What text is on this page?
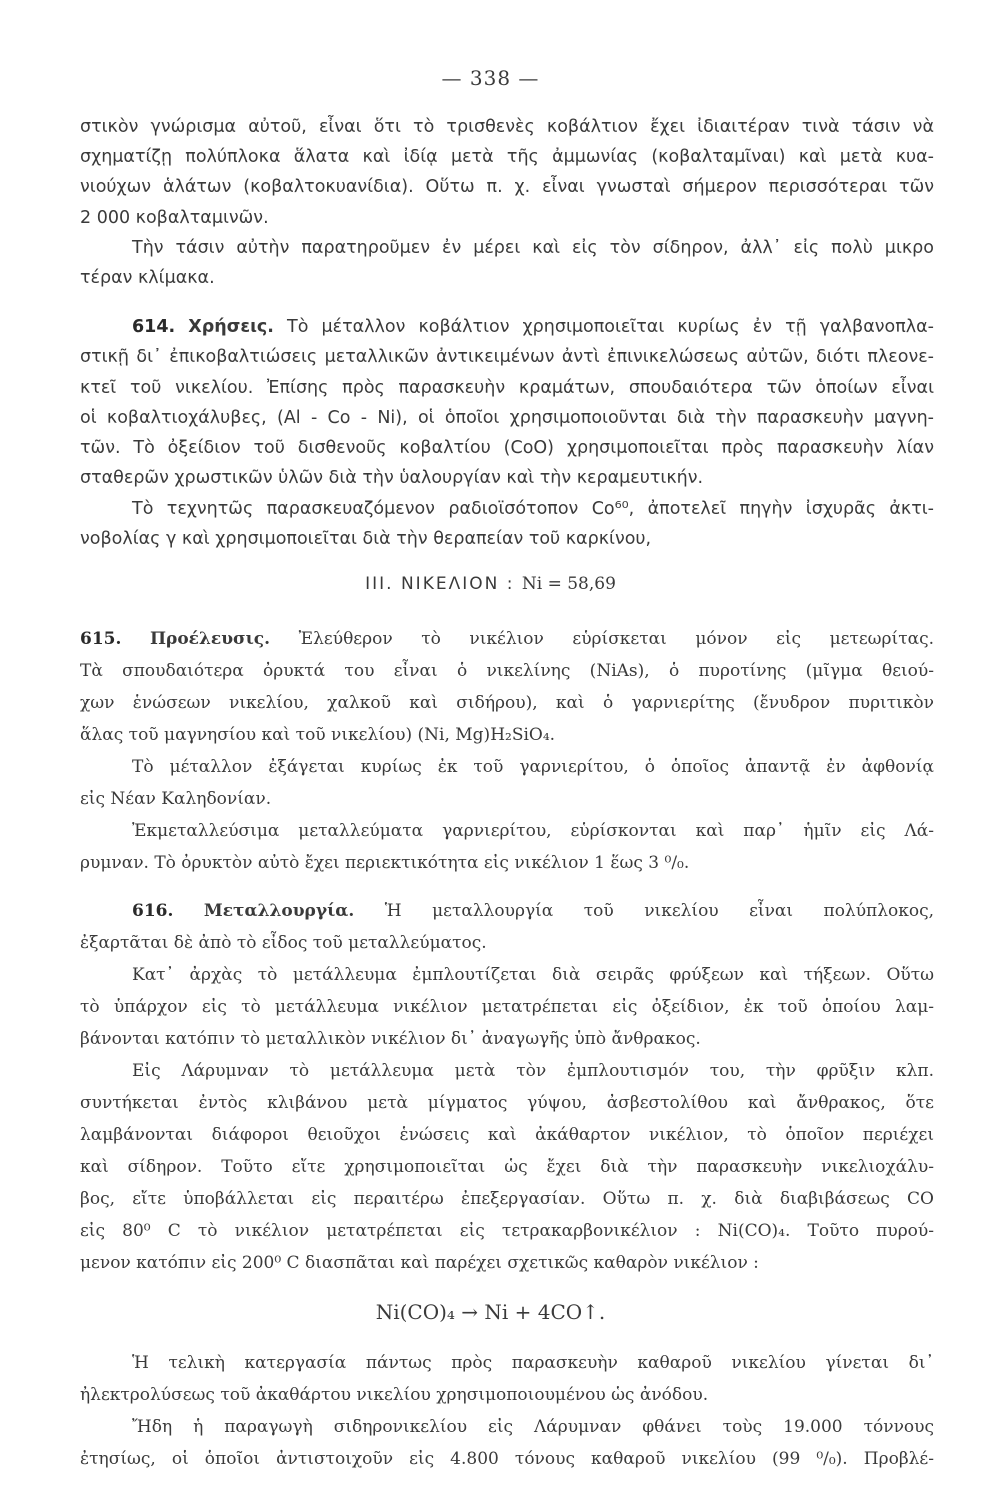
— 338 —
στικὸν γνώρισμα αὐτοῦ, εἶναι ὅτι τὸ τρισθενὲς κοβάλτιον ἔχει ἰδιαιτέραν τινὰ τάσιν νὰ
σχηματίζῃ πολύπλοκα ἅλατα καὶ ἰδίᾳ μετὰ τῆς ἀμμωνίας (κοβαλταμῖναι) καὶ μετὰ κυα-
νιούχων ἁλάτων (κοβαλτοκυανίδια). Οὕτω π. χ. εἶναι γνωσταὶ σήμερον περισσότεραι τῶν
2 000 κοβαλταμινῶν.
Τὴν τάσιν αὐτὴν παρατηροῦμεν ἐν μέρει καὶ εἰς τὸν σίδηρον, ἀλλ᾽ εἰς πολὺ μικρο
τέραν κλίμακα.
614. Χρήσεις. Τὸ μέταλλον κοβάλτιον χρησιμοποιεῖται κυρίως ἐν τῇ γαλβανοπλα-
στικῇ δι᾽ ἐπικοβαλτιώσεις μεταλλικῶν ἀντικειμένων ἀντὶ ἐπινικελώσεως αὐτῶν, διότι πλεονε-
κτεῖ τοῦ νικελίου. Ἐπίσης πρὸς παρασκευὴν κραμάτων, σπουδαιότερα τῶν ὁποίων εἶναι
οἱ κοβαλτιοχάλυβες, (Al - Co - Ni), οἱ ὁποῖοι χρησιμοποιοῦνται διὰ τὴν παρασκευὴν μαγνη-
τῶν. Τὸ ὀξείδιον τοῦ δισθενοῦς κοβαλτίου (CoO) χρησιμοποιεῖται πρὸς παρασκευὴν λίαν
σταθερῶν χρωστικῶν ὑλῶν διὰ τὴν ὑαλουργίαν καὶ τὴν κεραμευτικήν.
Τὸ τεχνητῶς παρασκευαζόμενον ραδιοϊσότοπον Co⁶⁰, ἀποτελεῖ πηγὴν ἰσχυρᾶς ἀκτι-
νοβολίας γ καὶ χρησιμοποιεῖται διὰ τὴν θεραπείαν τοῦ καρκίνου,
III. ΝΙΚΕΛΙΟΝ : Ni = 58,69
615. Προέλευσις. Ἐλεύθερον τὸ νικέλιον εὑρίσκεται μόνον εἰς μετεωρίτας.
Τὰ σπουδαιότερα ὀρυκτά του εἶναι ὁ νικελίνης (NiAs), ὁ πυροτίνης (μῖγμα θειού-
χων ἑνώσεων νικελίου, χαλκοῦ καὶ σιδήρου), καὶ ὁ γαρνιερίτης (ἔνυδρον πυριτικὸν
ἅλας τοῦ μαγνησίου καὶ τοῦ νικελίου) (Ni, Mg)H₂SiO₄.
Τὸ μέταλλον ἐξάγεται κυρίως ἐκ τοῦ γαρνιερίτου, ὁ ὁποῖος ἀπαντᾷ ἐν ἀφθονίᾳ
εἰς Νέαν Καληδονίαν.
Ἐκμεταλλεύσιμα μεταλλεύματα γαρνιερίτου, εὑρίσκονται καὶ παρ᾽ ἡμῖν εἰς Λά-
ρυμναν. Τὸ ὀρυκτὸν αὐτὸ ἔχει περιεκτικότητα εἰς νικέλιον 1 ἕως 3 ⁰/₀.
616. Μεταλλουργία. Ἡ μεταλλουργία τοῦ νικελίου εἶναι πολύπλοκος,
ἐξαρτᾶται δὲ ἀπὸ τὸ εἶδος τοῦ μεταλλεύματος.
Κατ᾽ ἀρχὰς τὸ μετάλλευμα ἐμπλουτίζεται διὰ σειρᾶς φρύξεων καὶ τήξεων. Οὕτω
τὸ ὑπάρχον εἰς τὸ μετάλλευμα νικέλιον μετατρέπεται εἰς ὀξείδιον, ἐκ τοῦ ὁποίου λαμ-
βάνονται κατόπιν τὸ μεταλλικὸν νικέλιον δι᾽ ἀναγωγῆς ὑπὸ ἄνθρακος.
Εἰς Λάρυμναν τὸ μετάλλευμα μετὰ τὸν ἐμπλουτισμόν του, τὴν φρῦξιν κλπ.
συντήκεται ἐντὸς κλιβάνου μετὰ μίγματος γύψου, ἀσβεστολίθου καὶ ἄνθρακος, ὅτε
λαμβάνονται διάφοροι θειοῦχοι ἑνώσεις καὶ ἀκάθαρτον νικέλιον, τὸ ὁποῖον περιέχει
καὶ σίδηρον. Τοῦτο εἴτε χρησιμοποιεῖται ὡς ἔχει διὰ τὴν παρασκευὴν νικελιοχάλυ-
βος, εἴτε ὑποβάλλεται εἰς περαιτέρω ἐπεξεργασίαν. Οὕτω π. χ. διὰ διαβιβάσεως CO
εἰς 80⁰ C τὸ νικέλιον μετατρέπεται εἰς τετρακαρβονικέλιον : Ni(CO)₄. Τοῦτο πυρού-
μενον κατόπιν εἰς 200⁰ C διασπᾶται καὶ παρέχει σχετικῶς καθαρὸν νικέλιον :
Ni(CO)₄ → Ni + 4CO↑.
Ἡ τελικὴ κατεργασία πάντως πρὸς παρασκευὴν καθαροῦ νικελίου γίνεται δι᾽
ἠλεκτρολύσεως τοῦ ἀκαθάρτου νικελίου χρησιμοποιουμένου ὡς ἀνόδου.
Ἤδη ἡ παραγωγὴ σιδηρονικελίου εἰς Λάρυμναν φθάνει τοὺς 19.000 τόννους
ἐτησίως, οἱ ὁποῖοι ἀντιστοιχοῦν εἰς 4.800 τόνους καθαροῦ νικελίου (99 ⁰/₀). Προβλέ-
